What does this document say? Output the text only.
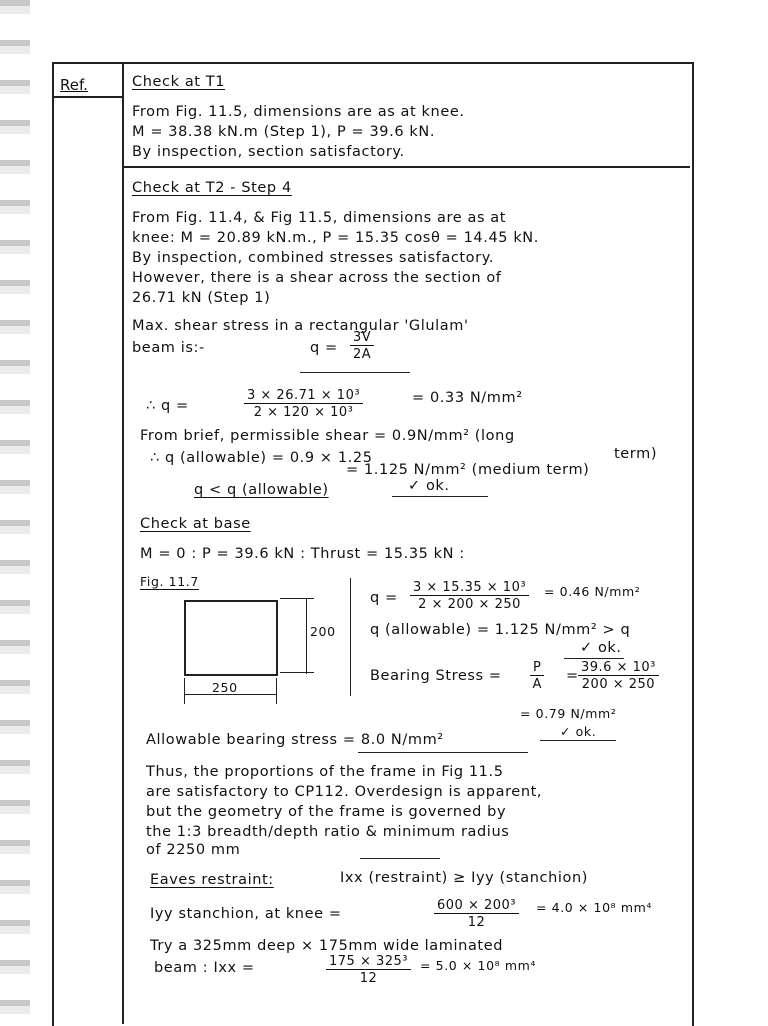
Ref.	Check at T1
From Fig. 11.5, dimensions are as at knee.
M = 38.38 kN.m (Step 1), P = 39.6 kN.
By inspection, section satisfactory.
Check at T2 - Step 4
From Fig. 11.4, & Fig 11.5, dimensions are as at
knee: M = 20.89 kN.m., P = 15.35 cosθ = 14.45 kN.
By inspection, combined stresses satisfactory.
However, there is a shear across the section of
26.71 kN (Step 1)
Max. shear stress in a rectangular 'Glulam'
beam is:-	$q = \frac{3V}{2A}$
∴ q =	$\frac{\text{3 × 26.71 × 10³}}{\text{2 × 120 × 10³}}$	= 0.33 N/mm²
From brief, permissible shear = 0.9N/mm² (long
term)
∴ q (allowable) = 0.9 × 1.25
= 1.125 N/mm² (medium term)
q < q (allowable)	✓ ok.
Check at base
M = 0 : P = 39.6 kN : Thrust = 15.35 kN :
Fig. 11.7
250
200
$q = \frac{\text{3 × 15.35 × 10³}}{2 \times 200 \times 250} = 0.46$ N/mm²
q (allowable) = 1.125 N/mm² > q
✓ ok.
Bearing Stress = $\frac{P}{A} = \frac{\text{39.6 × 10³}}{200 \times 250}$
= 0.79 N/mm²
✓ ok.
Allowable bearing stress = 8.0 N/mm²
Thus, the proportions of the frame in Fig 11.5
are satisfactory to CP112. Overdesign is apparent,
but the geometry of the frame is governed by
the 1:3 breadth/depth ratio & minimum radius
of 2250 mm
Eaves restraint:	Ixx (restraint) ≥ Iyy (stanchion)
Iyy stanchion, at knee =	$\frac{\text{600 × 200³}}{12} = 4.0 \times 10^8$ mm⁴
Try a 325mm deep × 175mm wide laminated
beam : Ixx =	$\frac{\text{175 × 325³}}{12} = 5.0 \times 10^8$ mm⁴
